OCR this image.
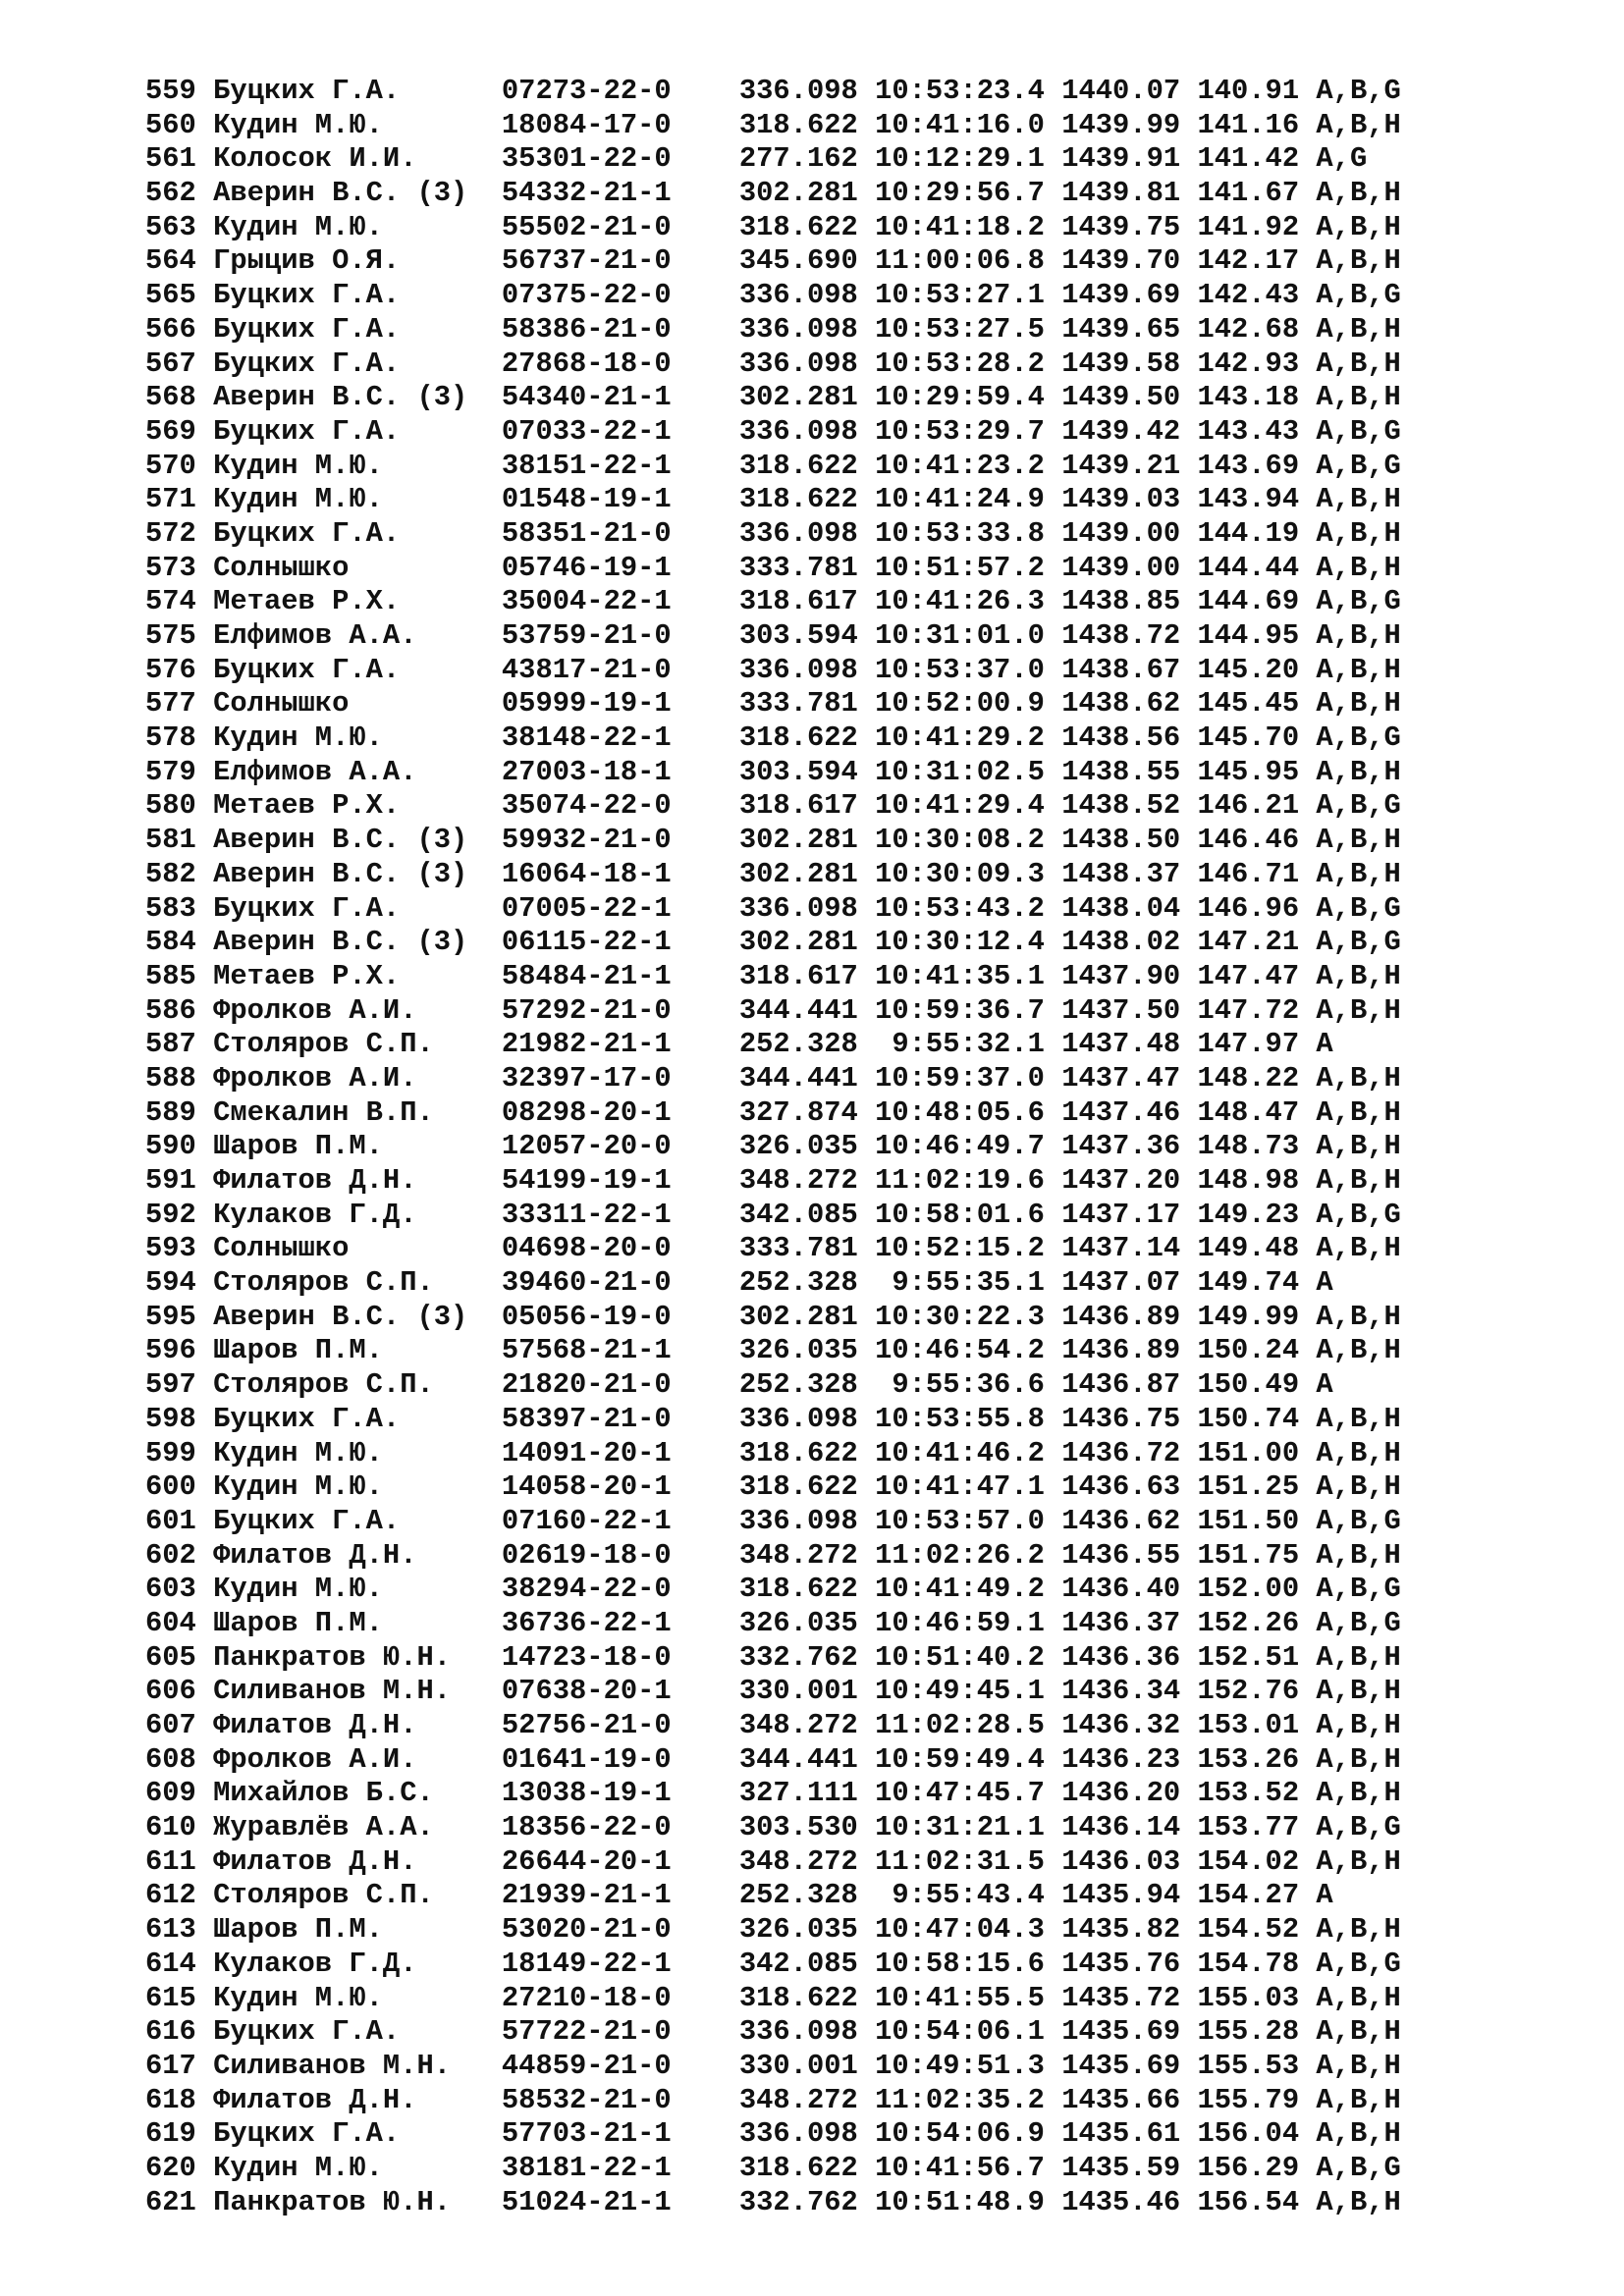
559 Буцких Г.А.	07273-22-0 336.098 10:53:23.4 1440.07 140.91 A,B,G
560 Кудин М.Ю.	18084-17-0 318.622 10:41:16.0 1439.99 141.16 A,B,H
561 Колосок И.И.	35301-22-0 277.162 10:12:29.1 1439.91 141.42 A,G
562 Аверин В.С. (3) 54332-21-1 302.281 10:29:56.7 1439.81 141.67 A,B,H
563 Кудин М.Ю.	55502-21-0 318.622 10:41:18.2 1439.75 141.92 A,B,H
564 Грыцив О.Я.	56737-21-0 345.690 11:00:06.8 1439.70 142.17 A,B,H
565 Буцких Г.А.	07375-22-0 336.098 10:53:27.1 1439.69 142.43 A,B,G
566 Буцких Г.А.	58386-21-0 336.098 10:53:27.5 1439.65 142.68 A,B,H
567 Буцких Г.А.	27868-18-0 336.098 10:53:28.2 1439.58 142.93 A,B,H
568 Аверин В.С. (3) 54340-21-1 302.281 10:29:59.4 1439.50 143.18 A,B,H
569 Буцких Г.А.	07033-22-1 336.098 10:53:29.7 1439.42 143.43 A,B,G
570 Кудин М.Ю.	38151-22-1 318.622 10:41:23.2 1439.21 143.69 A,B,G
571 Кудин М.Ю.	01548-19-1 318.622 10:41:24.9 1439.03 143.94 A,B,H
572 Буцких Г.А.	58351-21-0 336.098 10:53:33.8 1439.00 144.19 A,B,H
573 Солнышко	05746-19-1 333.781 10:51:57.2 1439.00 144.44 A,B,H
574 Метаев Р.Х.	35004-22-1 318.617 10:41:26.3 1438.85 144.69 A,B,G
575 Елфимов А.А.	53759-21-0 303.594 10:31:01.0 1438.72 144.95 A,B,H
576 Буцких Г.А.	43817-21-0 336.098 10:53:37.0 1438.67 145.20 A,B,H
577 Солнышко	05999-19-1 333.781 10:52:00.9 1438.62 145.45 A,B,H
578 Кудин М.Ю.	38148-22-1 318.622 10:41:29.2 1438.56 145.70 A,B,G
579 Елфимов А.А.	27003-18-1 303.594 10:31:02.5 1438.55 145.95 A,B,H
580 Метаев Р.Х.	35074-22-0 318.617 10:41:29.4 1438.52 146.21 A,B,G
581 Аверин В.С. (3) 59932-21-0 302.281 10:30:08.2 1438.50 146.46 A,B,H
582 Аверин В.С. (3) 16064-18-1 302.281 10:30:09.3 1438.37 146.71 A,B,H
583 Буцких Г.А.	07005-22-1 336.098 10:53:43.2 1438.04 146.96 A,B,G
584 Аверин В.С. (3) 06115-22-1 302.281 10:30:12.4 1438.02 147.21 A,B,G
585 Метаев Р.Х.	58484-21-1 318.617 10:41:35.1 1437.90 147.47 A,B,H
586 Фролков А.И.	57292-21-0 344.441 10:59:36.7 1437.50 147.72 A,B,H
587 Столяров С.П. 21982-21-1 252.328  9:55:32.1 1437.48 147.97 A
588 Фролков А.И.	32397-17-0 344.441 10:59:37.0 1437.47 148.22 A,B,H
589 Смекалин В.П. 08298-20-1 327.874 10:48:05.6 1437.46 148.47 A,B,H
590 Шаров П.М.	12057-20-0 326.035 10:46:49.7 1437.36 148.73 A,B,H
591 Филатов Д.Н.	54199-19-1 348.272 11:02:19.6 1437.20 148.98 A,B,H
592 Кулаков Г.Д.	33311-22-1 342.085 10:58:01.6 1437.17 149.23 A,B,G
593 Солнышко	04698-20-0 333.781 10:52:15.2 1437.14 149.48 A,B,H
594 Столяров С.П. 39460-21-0 252.328  9:55:35.1 1437.07 149.74 A
595 Аверин В.С. (3) 05056-19-0 302.281 10:30:22.3 1436.89 149.99 A,B,H
596 Шаров П.М.	57568-21-1 326.035 10:46:54.2 1436.89 150.24 A,B,H
597 Столяров С.П. 21820-21-0 252.328  9:55:36.6 1436.87 150.49 A
598 Буцких Г.А.	58397-21-0 336.098 10:53:55.8 1436.75 150.74 A,B,H
599 Кудин М.Ю.	14091-20-1 318.622 10:41:46.2 1436.72 151.00 A,B,H
600 Кудин М.Ю.	14058-20-1 318.622 10:41:47.1 1436.63 151.25 A,B,H
601 Буцких Г.А.	07160-22-1 336.098 10:53:57.0 1436.62 151.50 A,B,G
602 Филатов Д.Н.	02619-18-0 348.272 11:02:26.2 1436.55 151.75 A,B,H
603 Кудин М.Ю.	38294-22-0 318.622 10:41:49.2 1436.40 152.00 A,B,G
604 Шаров П.М.	36736-22-1 326.035 10:46:59.1 1436.37 152.26 A,B,G
605 Панкратов Ю.Н. 14723-18-0 332.762 10:51:40.2 1436.36 152.51 A,B,H
606 Силиванов М.Н. 07638-20-1 330.001 10:49:45.1 1436.34 152.76 A,B,H
607 Филатов Д.Н.	52756-21-0 348.272 11:02:28.5 1436.32 153.01 A,B,H
608 Фролков А.И.	01641-19-0 344.441 10:59:49.4 1436.23 153.26 A,B,H
609 Михайлов Б.С. 13038-19-1 327.111 10:47:45.7 1436.20 153.52 A,B,H
610 Журавлёв А.А. 18356-22-0 303.530 10:31:21.1 1436.14 153.77 A,B,G
611 Филатов Д.Н.	26644-20-1 348.272 11:02:31.5 1436.03 154.02 A,B,H
612 Столяров С.П. 21939-21-1 252.328  9:55:43.4 1435.94 154.27 A
613 Шаров П.М.	53020-21-0 326.035 10:47:04.3 1435.82 154.52 A,B,H
614 Кулаков Г.Д.	18149-22-1 342.085 10:58:15.6 1435.76 154.78 A,B,G
615 Кудин М.Ю.	27210-18-0 318.622 10:41:55.5 1435.72 155.03 A,B,H
616 Буцких Г.А.	57722-21-0 336.098 10:54:06.1 1435.69 155.28 A,B,H
617 Силиванов М.Н. 44859-21-0 330.001 10:49:51.3 1435.69 155.53 A,B,H
618 Филатов Д.Н.	58532-21-0 348.272 11:02:35.2 1435.66 155.79 A,B,H
619 Буцких Г.А.	57703-21-1 336.098 10:54:06.9 1435.61 156.04 A,B,H
620 Кудин М.Ю.	38181-22-1 318.622 10:41:56.7 1435.59 156.29 A,B,G
621 Панкратов Ю.Н. 51024-21-1 332.762 10:51:48.9 1435.46 156.54 A,B,H
